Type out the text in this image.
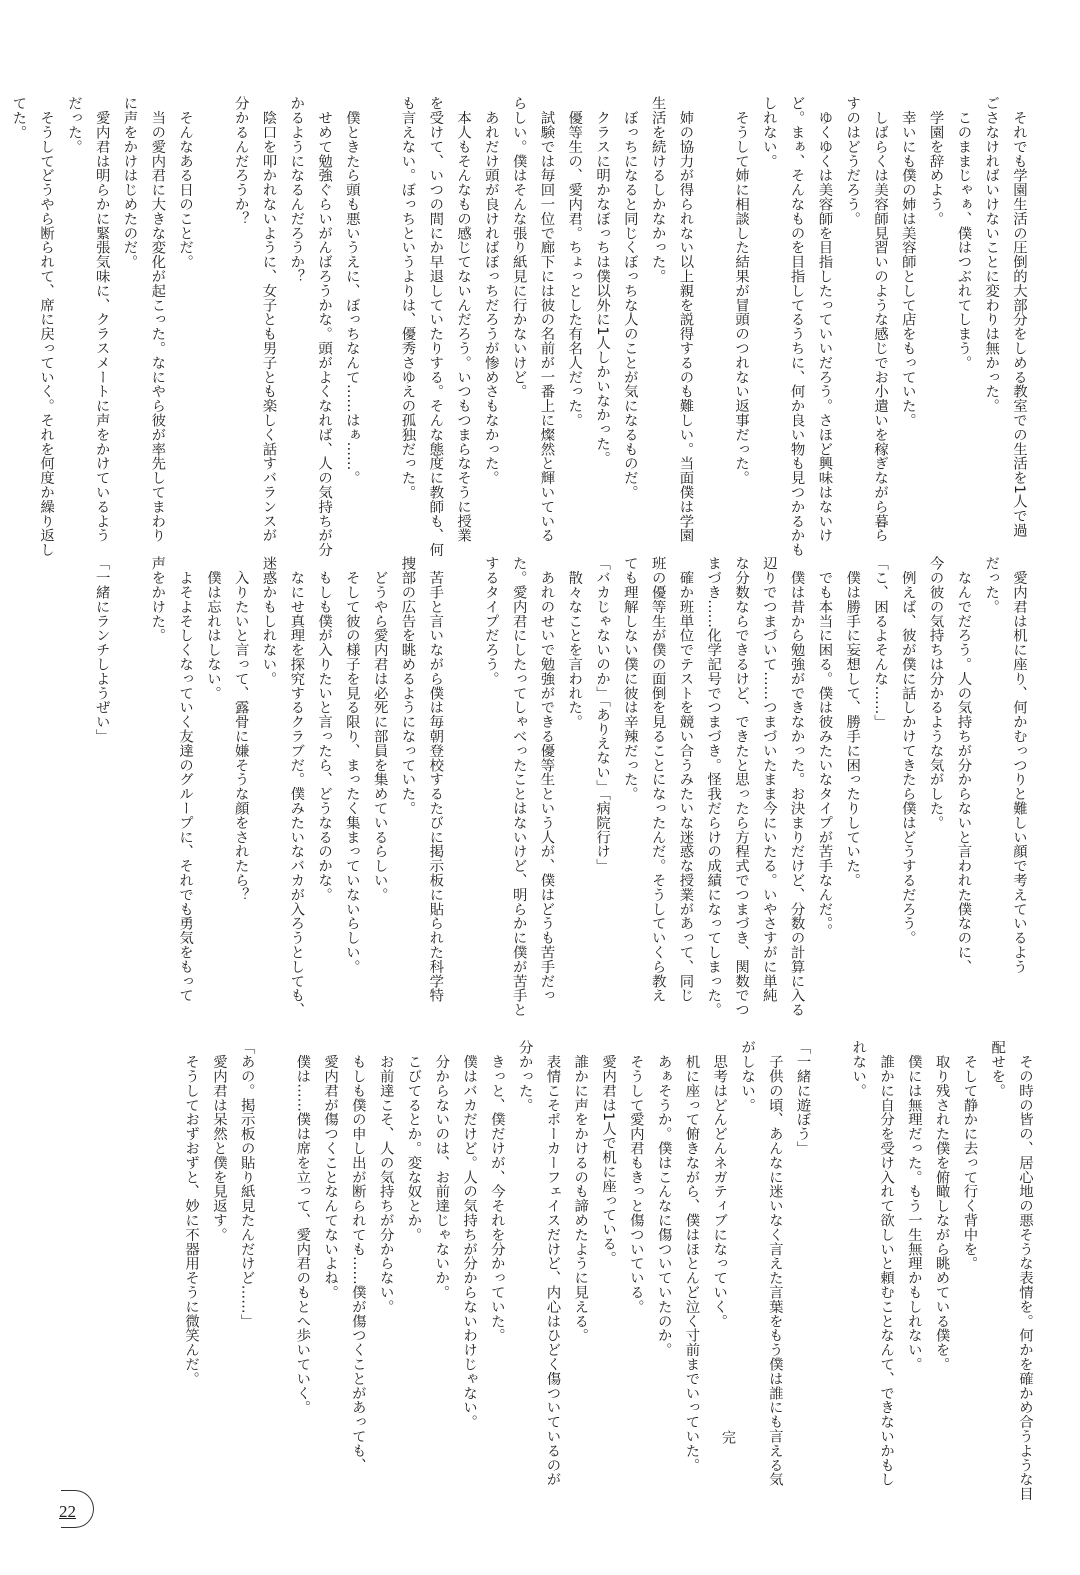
　それでも学園生活の圧倒的大部分をしめる教室での生活を1人で過

ごさなければいけないことに変わりは無かった。

　このままじゃぁ、僕はつぶれてしまう。

　学園を辞めよう。

　幸いにも僕の姉は美容師として店をもっていた。

　しばらくは美容師見習いのような感じでお小遣いを稼ぎながら暮ら

すのはどうだろう。

　ゆくゆくは美容師を目指したっていいだろう。さほど興味はないけ

ど。まぁ、そんなものを目指してるうちに、何か良い物も見つかるかも

しれない。

　そうして姉に相談した結果が冒頭のつれない返事だった。

　姉の協力が得られない以上親を説得するのも難しい。当面僕は学園

生活を続けるしかなかった。

　ぼっちになると同じくぼっちな人のことが気になるものだ。

　クラスに明かなぼっちは僕以外に1人しかいなかった。

　優等生の、愛内君。ちょっとした有名人だった。

　試験では毎回一位で廊下には彼の名前が一番上に燦然と輝いている

らしい。僕はそんな張り紙見に行かないけど。

　あれだけ頭が良ければぼっちだろうが惨めさもなかった。

　本人もそんなもの感じてないんだろう。いつもつまらなそうに授業

を受けて、いつの間にか早退していたりする。そんな態度に教師も、何

も言えない。ぼっちというよりは、優秀さゆえの孤独だった。

　僕ときたら頭も悪いうえに、ぼっちなんて……はぁ……。

　せめて勉強ぐらいがんばろうかな。頭がよくなれば、人の気持ちが分

かるようになるんだろうか？

　陰口を叩かれないように、女子とも男子とも楽しく話すバランスが

分かるんだろうか？

　そんなある日のことだ。

　当の愛内君に大きな変化が起こった。なにやら彼が率先してまわり

に声をかけはじめたのだ。

　愛内君は明らかに緊張気味に、クラスメートに声をかけているよう

だった。

　そうしてどうやら断られて、席に戻っていく。それを何度か繰り返し

てた。

　愛内君は机に座り、何かむっつりと難しい顔で考えているよう

だった。

　なんでだろう。人の気持ちが分からないと言われた僕なのに、

今の彼の気持ちは分かるような気がした。

　例えば、彼が僕に話しかけてきたら僕はどうするだろう。

「こ、困るよそんな……」

　僕は勝手に妄想して、勝手に困ったりしていた。

　でも本当に困る。僕は彼みたいなタイプが苦手なんだ。。

　僕は昔から勉強ができなかった。お決まりだけど、分数の計算に入る

辺りでつまづいて……つまづいたまま今にいたる。いやさすがに単純

な分数ならできるけど、できたと思ったら方程式でつまづき、関数でつ

まづき……化学記号でつまづき。怪我だらけの成績になってしまった。

　確か班単位でテストを競い合うみたいな迷惑な授業があって、同じ

班の優等生が僕の面倒を見ることになったんだ。そうしていくら教え

ても理解しない僕に彼は辛辣だった。

「バカじゃないのか」「ありえない」「病院行け」

　散々なことを言われた。

　あれのせいで勉強ができる優等生という人が、僕はどうも苦手だっ

た。愛内君にしたってしゃべったことはないけど、明らかに僕が苦手と

するタイプだろう。

　苦手と言いながら僕は毎朝登校するたびに掲示板に貼られた科学特

捜部の広告を眺めるようになっていた。

　どうやら愛内君は必死に部員を集めているらしい。

　そして彼の様子を見る限り、まったく集まっていないらしい。

　もしも僕が入りたいと言ったら、どうなるのかな。

　なにせ真理を探究するクラブだ。僕みたいなバカが入ろうとしても、

迷惑かもしれない。

　入りたいと言って、露骨に嫌そうな顔をされたら？

　僕は忘れはしない。

　よそよそしくなっていく友達のグループに、それでも勇気をもって

声をかけた。

「一緒にランチしようぜい」

　その時の皆の、居心地の悪そうな表情を。何かを確かめ合うような目

配せを。

　そして静かに去って行く背中を。

　取り残された僕を俯瞰しながら眺めている僕を。

　僕には無理だった。もう一生無理かもしれない。

　誰かに自分を受け入れて欲しいと頼むことなんて、できないかもし

れない。

「一緒に遊ぼう」

　子供の頃、あんなに迷いなく言えた言葉をもう僕は誰にも言える気

がしない。

　思考はどんどんネガティブになっていく。

　机に座って俯きながら、僕はほとんど泣く寸前までいっていた。

　あぁそうか。僕はこんなに傷ついていたのか。

　そうして愛内君もきっと傷ついている。

　愛内君は1人で机に座っている。

　誰かに声をかけるのも諦めたように見える。

　表情こそポーカーフェイスだけど、内心はひどく傷ついているのが

分かった。

　きっと、僕だけが、今それを分かっていた。

　僕はバカだけど。人の気持ちが分からないわけじゃない。

　分からないのは、お前達じゃないか。

　こびてるとか。変な奴とか。

　お前達こそ、人の気持ちが分からない。

　もしも僕の申し出が断られても……僕が傷つくことがあっても、

　愛内君が傷つくことなんてないよね。

　僕は……僕は席を立って、愛内君のもとへ歩いていく。

「あの。掲示板の貼り紙見たんだけど……」

　愛内君は呆然と僕を見返す。

　そうしておずおずと、妙に不器用そうに微笑んだ。

完
22
